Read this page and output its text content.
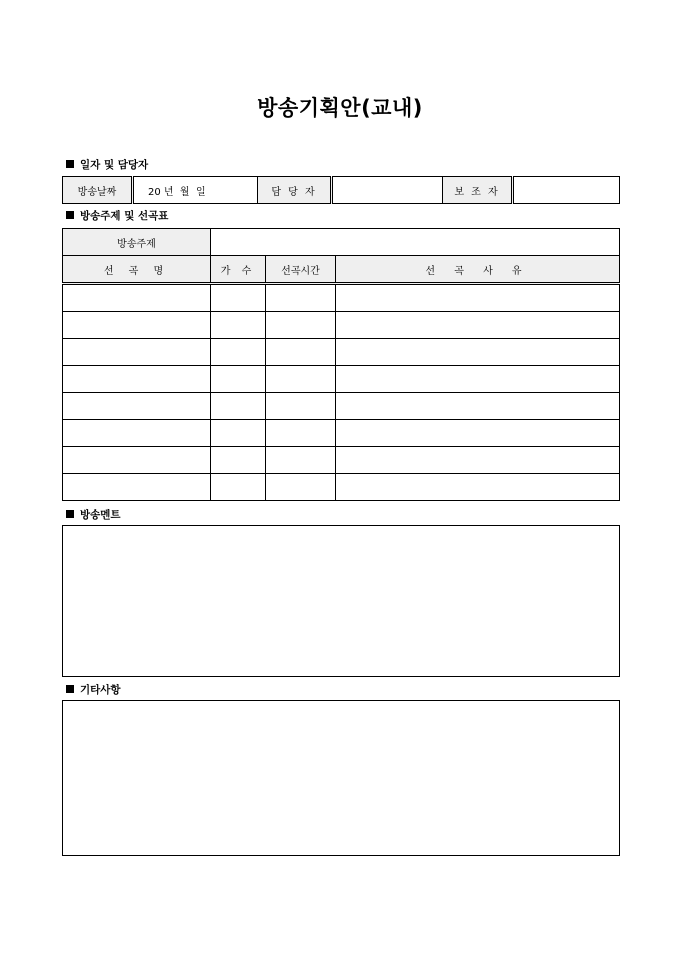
방송기획안(교내)
일자 및 담당자
방송날짜	20 년  월  일	담 당 자		보 조 자	
방송주제 및 선곡표
방송주제			
선 곡 명	가 수	선곡시간	선 곡 사 유

방송멘트
기타사항
